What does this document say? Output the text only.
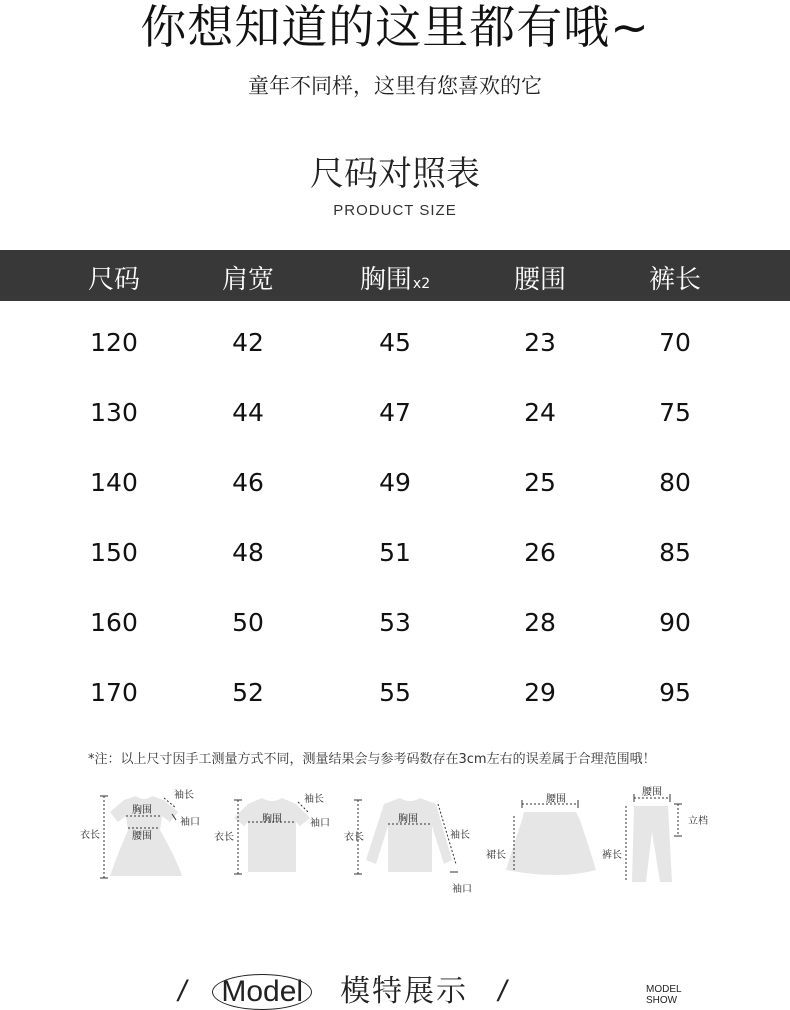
你想知道的这里都有哦~
童年不同样，这里有您喜欢的它
尺码对照表
PRODUCT SIZE
尺码	肩宽	胸围x2	腰围	裤长
120	42	45	23	70
130	44	47	24	75
140	46	49	25	80
150	48	51	26	85
160	50	53	28	90
170	52	55	29	95
*注：以上尺寸因手工测量方式不同，测量结果会与参考码数存在3cm左右的误差属于合理范围哦！
衣长
胸围
腰围
袖长
袖口
衣长
胸围
袖长
袖口
衣长
胸围
袖长
袖口
腰围
裙长
腰围
裤长
立档
/ Model 模特展示 /	MODEL
SHOW
